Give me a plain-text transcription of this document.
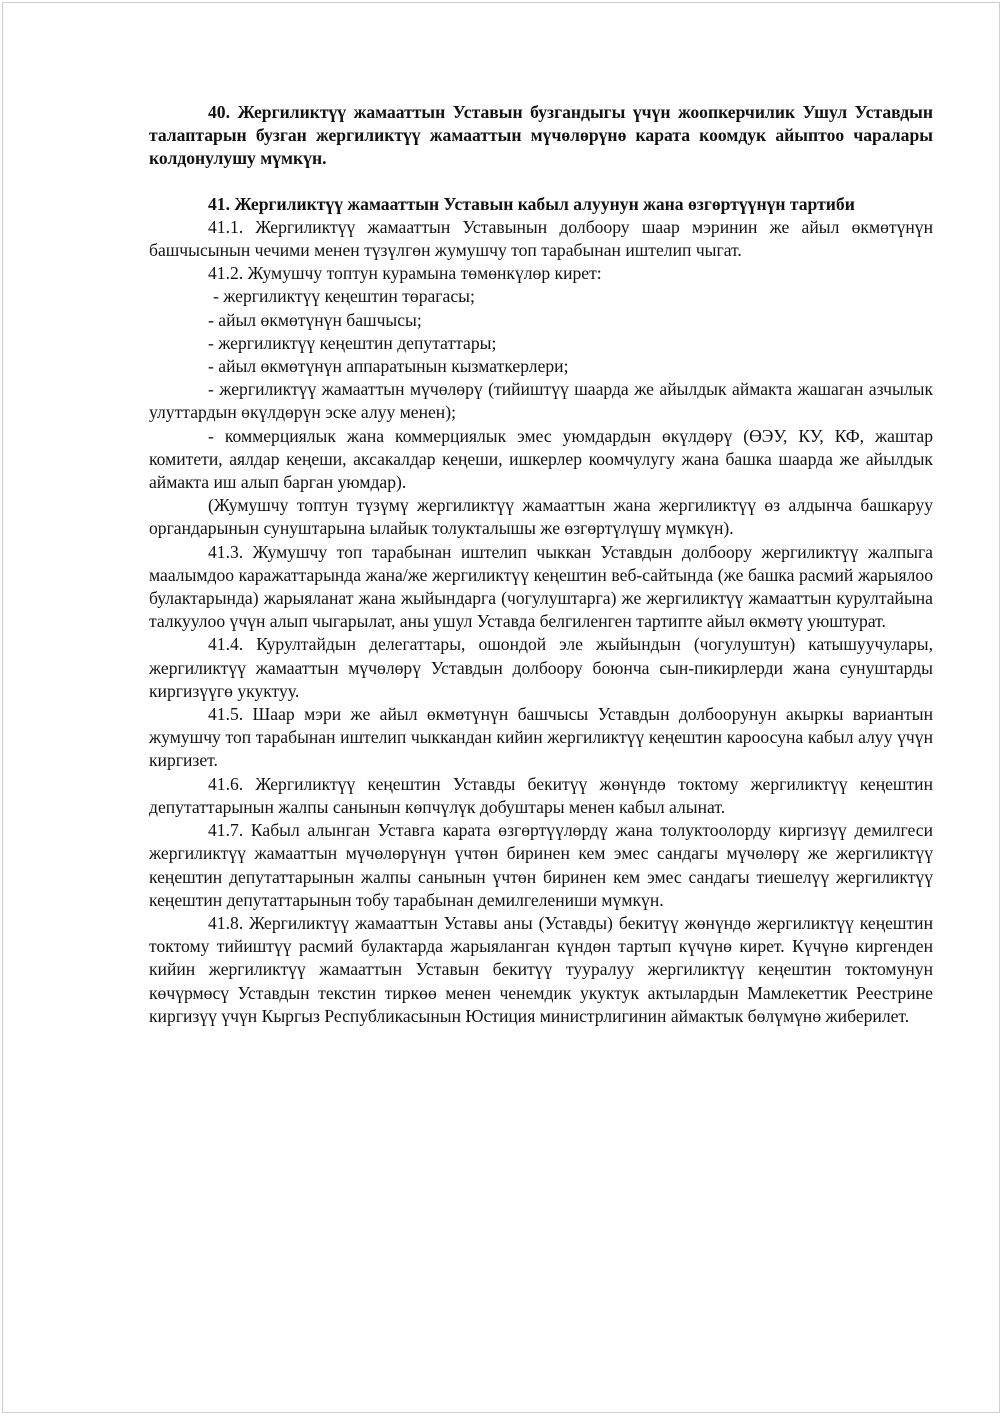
40. Жергиликтүү жамааттын Уставын бузгандыгы үчүн жоопкерчилик Ушул Уставдын талаптарын бузган жергиликтүү жамааттын мүчөлөрүнө карата коомдук айыптоо чаралары колдонулушу мүмкүн.

41. Жергиликтүү жамааттын Уставын кабыл алуунун жана өзгөртүүнүн тартиби

41.1. Жергиликтүү жамааттын Уставынын долбоору шаар мэринин же айыл өкмөтүнүн башчысынын чечими менен түзүлгөн жумушчу топ тарабынан иштелип чыгат.

41.2. Жумушчу топтун курамына төмөнкүлөр кирет:

- жергиликтүү кеңештин төрагасы;

- айыл өкмөтүнүн башчысы;

- жергиликтүү кеңештин депутаттары;

- айыл өкмөтүнүн аппаратынын кызматкерлери;

- жергиликтүү жамааттын мүчөлөрү (тийиштүү шаарда же айылдык аймакта жашаган азчылык улуттардын өкүлдөрүн эске алуу менен);

- коммерциялык жана коммерциялык эмес уюмдардын өкүлдөрү (ӨЭУ, КУ, КФ, жаштар комитети, аялдар кеңеши, аксакалдар кеңеши, ишкерлер коомчулугу жана башка шаарда же айылдык аймакта иш алып барган уюмдар).

(Жумушчу топтун түзүмү жергиликтүү жамааттын жана жергиликтүү өз алдынча башкаруу органдарынын сунуштарына ылайык толукталышы же өзгөртүлүшү мүмкүн).

41.3. Жумушчу топ тарабынан иштелип чыккан Уставдын долбоору жергиликтүү жалпыга маалымдоо каражаттарында жана/же жергиликтүү кеңештин веб-сайтында (же башка расмий жарыялоо булактарында) жарыяланат жана жыйындарга (чогулуштарга) же жергиликтүү жамааттын курултайына талкуулоо үчүн алып чыгарылат, аны ушул Уставда белгиленген тартипте айыл өкмөтү уюштурат.

41.4. Курултайдын делегаттары, ошондой эле жыйындын (чогулуштун) катышуучулары, жергиликтүү жамааттын мүчөлөрү Уставдын долбоору боюнча сын-пикирлерди жана сунуштарды киргизүүгө укуктуу.

41.5. Шаар мэри же айыл өкмөтүнүн башчысы Уставдын долбоорунун акыркы вариантын жумушчу топ тарабынан иштелип чыккандан кийин жергиликтүү кеңештин кароосуна кабыл алуу үчүн киргизет.

41.6. Жергиликтүү кеңештин Уставды бекитүү жөнүндө токтому жергиликтүү кеңештин депутаттарынын жалпы санынын көпчүлүк добуштары менен кабыл алынат.

41.7. Кабыл алынган Уставга карата өзгөртүүлөрдү жана толуктоолорду киргизүү демилгеси жергиликтүү жамааттын мүчөлөрүнүн үчтөн биринен кем эмес сандагы мүчөлөрү же жергиликтүү кеңештин депутаттарынын жалпы санынын үчтөн биринен кем эмес сандагы тиешелүү жергиликтүү кеңештин депутаттарынын тобу тарабынан демилгелениши мүмкүн.

41.8. Жергиликтүү жамааттын Уставы аны (Уставды) бекитүү жөнүндө жергиликтүү кеңештин токтому тийиштүү расмий булактарда жарыяланган күндөн тартып күчүнө кирет. Күчүнө киргенден кийин жергиликтүү жамааттын Уставын бекитүү тууралуу жергиликтүү кеңештин токтомунун көчүрмөсү Уставдын текстин тиркөө менен ченемдик укуктук актылардын Мамлекеттик Реестрине киргизүү үчүн Кыргыз Республикасынын Юстиция министрлигинин аймактык бөлүмүнө жиберилет.
